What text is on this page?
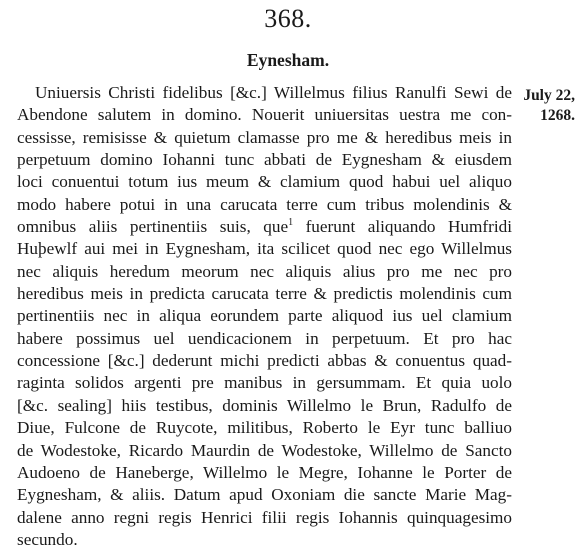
368.
Eynesham.
July 22,
1268.
Uniuersis Christi fidelibus [&c.] Willelmus filius Ranulfi Sewi de
Abendone salutem in domino. Nouerit uniuersitas uestra me con-
cessisse, remisisse & quietum clamasse pro me & heredibus meis in
perpetuum domino Iohanni tunc abbati de Eygnesham & eiusdem
loci conuentui totum ius meum & clamium quod habui uel aliquo
modo habere potui in una carucata terre cum tribus molendinis &
omnibus aliis pertinentiis suis, que$^1$ fuerunt aliquando Humfridi
Huþewlf aui mei in Eygnesham, ita scilicet quod nec ego Willelmus
nec aliquis heredum meorum nec aliquis alius pro me nec pro
heredibus meis in predicta carucata terre & predictis molendinis cum
pertinentiis nec in aliqua eorundem parte aliquod ius uel clamium
habere possimus uel uendicacionem in perpetuum. Et pro hac
concessione [&c.] dederunt michi predicti abbas & conuentus quad-
raginta solidos argenti pre manibus in gersummam. Et quia uolo
[&c. sealing] hiis testibus, dominis Willelmo le Brun, Radulfo de
Diue, Fulcone de Ruycote, militibus, Roberto le Eyr tunc balliuo
de Wodestoke, Ricardo Maurdin de Wodestoke, Willelmo de Sancto
Audoeno de Haneberge, Willelmo le Megre, Iohanne le Porter de
Eygnesham, & aliis. Datum apud Oxoniam die sancte Marie Mag-
dalene anno regni regis Henrici filii regis Iohannis quinquagesimo
secundo.
